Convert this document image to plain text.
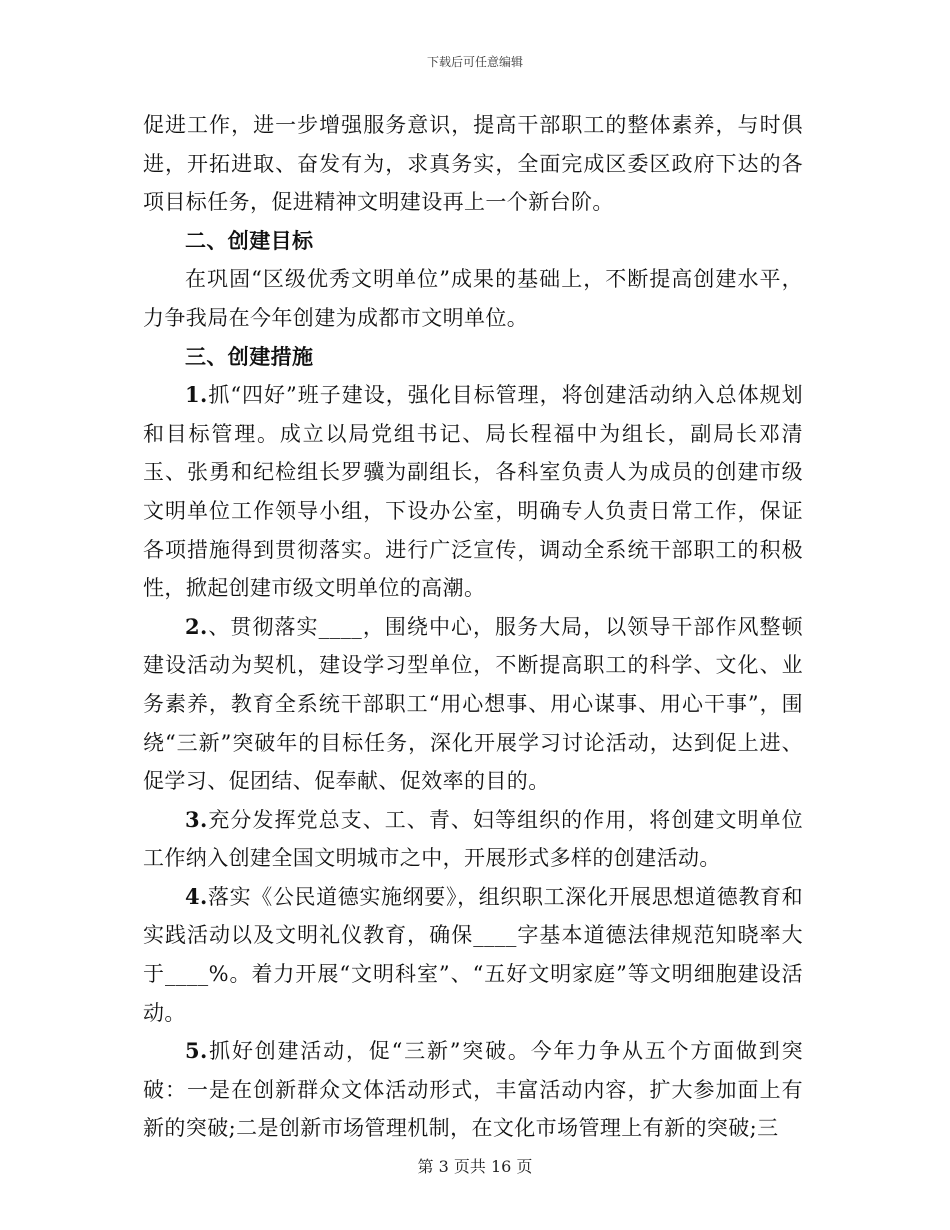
下载后可任意编辑

促进工作，进一步增强服务意识，提高干部职工的整体素养，与时俱进，开拓进取、奋发有为，求真务实，全面完成区委区政府下达的各项目标任务，促进精神文明建设再上一个新台阶。

二、创建目标

在巩固“区级优秀文明单位”成果的基础上，不断提高创建水平，力争我局在今年创建为成都市文明单位。

三、创建措施

1.抓“四好”班子建设，强化目标管理，将创建活动纳入总体规划和目标管理。成立以局党组书记、局长程福中为组长，副局长邓清玉、张勇和纪检组长罗骥为副组长，各科室负责人为成员的创建市级文明单位工作领导小组，下设办公室，明确专人负责日常工作，保证各项措施得到贯彻落实。进行广泛宣传，调动全系统干部职工的积极性，掀起创建市级文明单位的高潮。

2.、贯彻落实____，围绕中心，服务大局，以领导干部作风整顿建设活动为契机，建设学习型单位，不断提高职工的科学、文化、业务素养，教育全系统干部职工“用心想事、用心谋事、用心干事”，围绕“三新”突破年的目标任务，深化开展学习讨论活动，达到促上进、促学习、促团结、促奉献、促效率的目的。

3.充分发挥党总支、工、青、妇等组织的作用，将创建文明单位工作纳入创建全国文明城市之中，开展形式多样的创建活动。

4.落实《公民道德实施纲要》，组织职工深化开展思想道德教育和实践活动以及文明礼仪教育，确保____字基本道德法律规范知晓率大于____%。着力开展“文明科室”、“五好文明家庭”等文明细胞建设活动。

5.抓好创建活动，促“三新”突破。今年力争从五个方面做到突破：一是在创新群众文体活动形式，丰富活动内容，扩大参加面上有新的突破;二是创新市场管理机制，在文化市场管理上有新的突破;三

第 3 页共 16 页
